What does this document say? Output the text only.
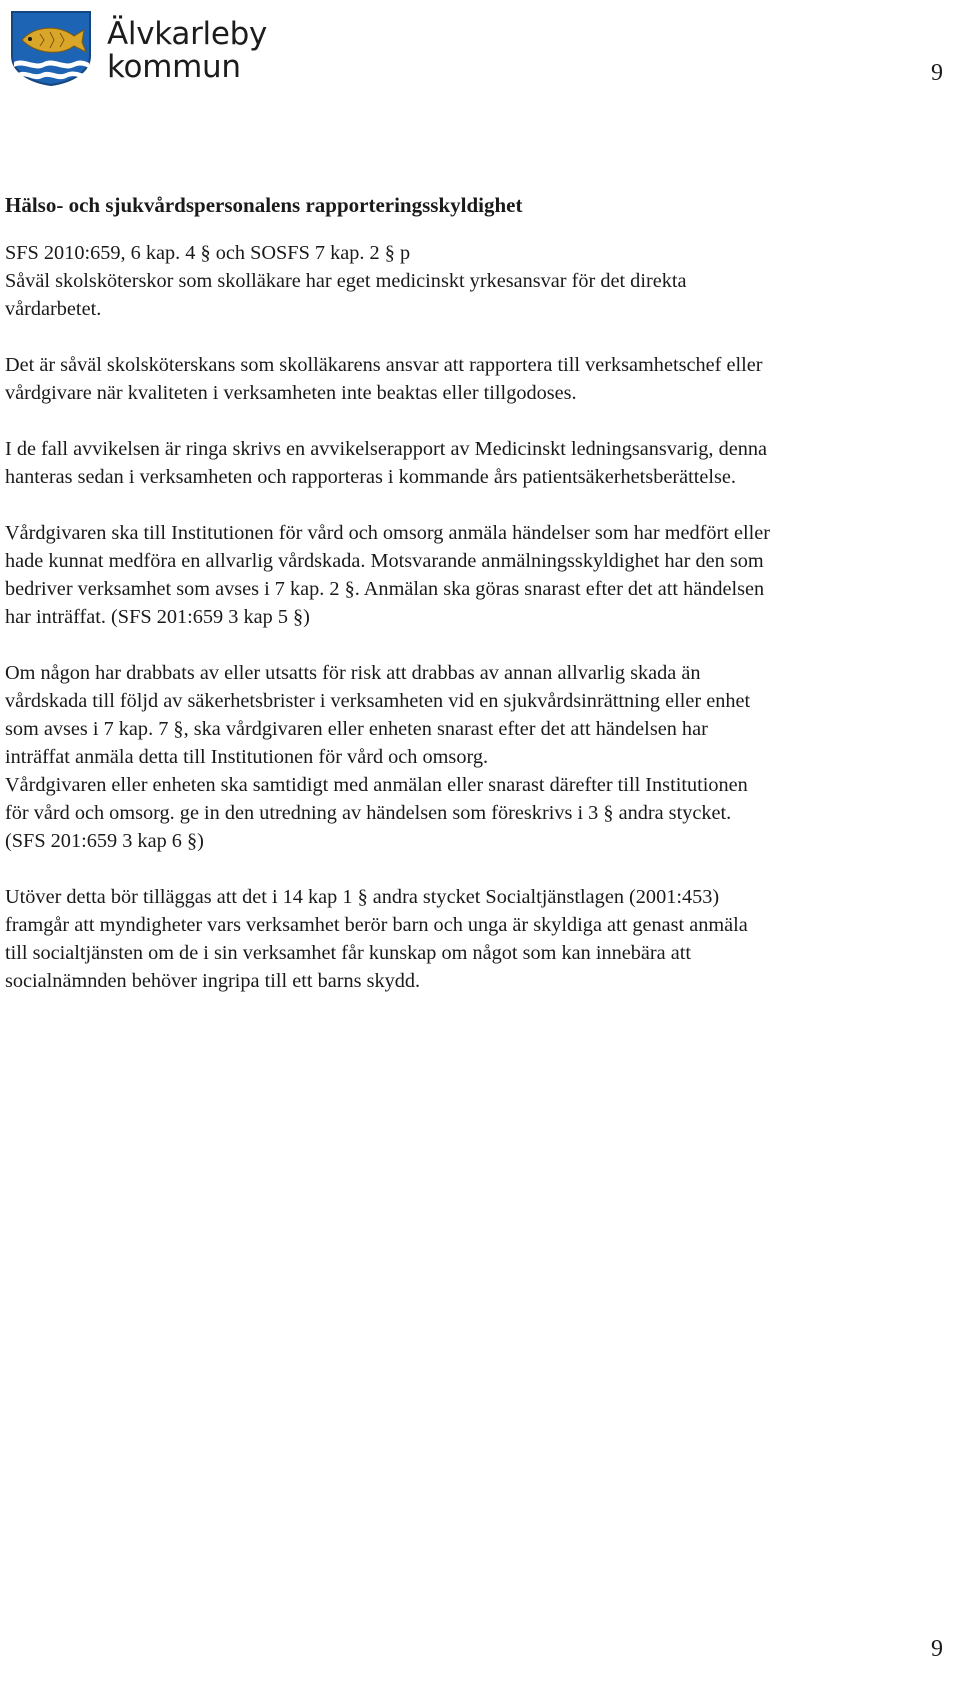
Älvkarleby
kommun	9
Hälso- och sjukvårdspersonalens rapporteringsskyldighet
SFS 2010:659, 6 kap. 4 § och SOSFS 7 kap. 2 § p
Såväl skolsköterskor som skolläkare har eget medicinskt yrkesansvar för det direkta
vårdarbetet.
Det är såväl skolsköterskans som skolläkarens ansvar att rapportera till verksamhetschef eller
vårdgivare när kvaliteten i verksamheten inte beaktas eller tillgodoses.
I de fall avvikelsen är ringa skrivs en avvikelserapport av Medicinskt ledningsansvarig, denna
hanteras sedan i verksamheten och rapporteras i kommande års patientsäkerhetsberättelse.
Vårdgivaren ska till Institutionen för vård och omsorg anmäla händelser som har medfört eller
hade kunnat medföra en allvarlig vårdskada. Motsvarande anmälningsskyldighet har den som
bedriver verksamhet som avses i 7 kap. 2 §. Anmälan ska göras snarast efter det att händelsen
har inträffat. (SFS 201:659 3 kap 5 §)
Om någon har drabbats av eller utsatts för risk att drabbas av annan allvarlig skada än
vårdskada till följd av säkerhetsbrister i verksamheten vid en sjukvårdsinrättning eller enhet
som avses i 7 kap. 7 §, ska vårdgivaren eller enheten snarast efter det att händelsen har
inträffat anmäla detta till Institutionen för vård och omsorg.
Vårdgivaren eller enheten ska samtidigt med anmälan eller snarast därefter till Institutionen
för vård och omsorg. ge in den utredning av händelsen som föreskrivs i 3 § andra stycket.
(SFS 201:659 3 kap 6 §)
Utöver detta bör tilläggas att det i 14 kap 1 § andra stycket Socialtjänstlagen (2001:453)
framgår att myndigheter vars verksamhet berör barn och unga är skyldiga att genast anmäla
till socialtjänsten om de i sin verksamhet får kunskap om något som kan innebära att
socialnämnden behöver ingripa till ett barns skydd.
9
